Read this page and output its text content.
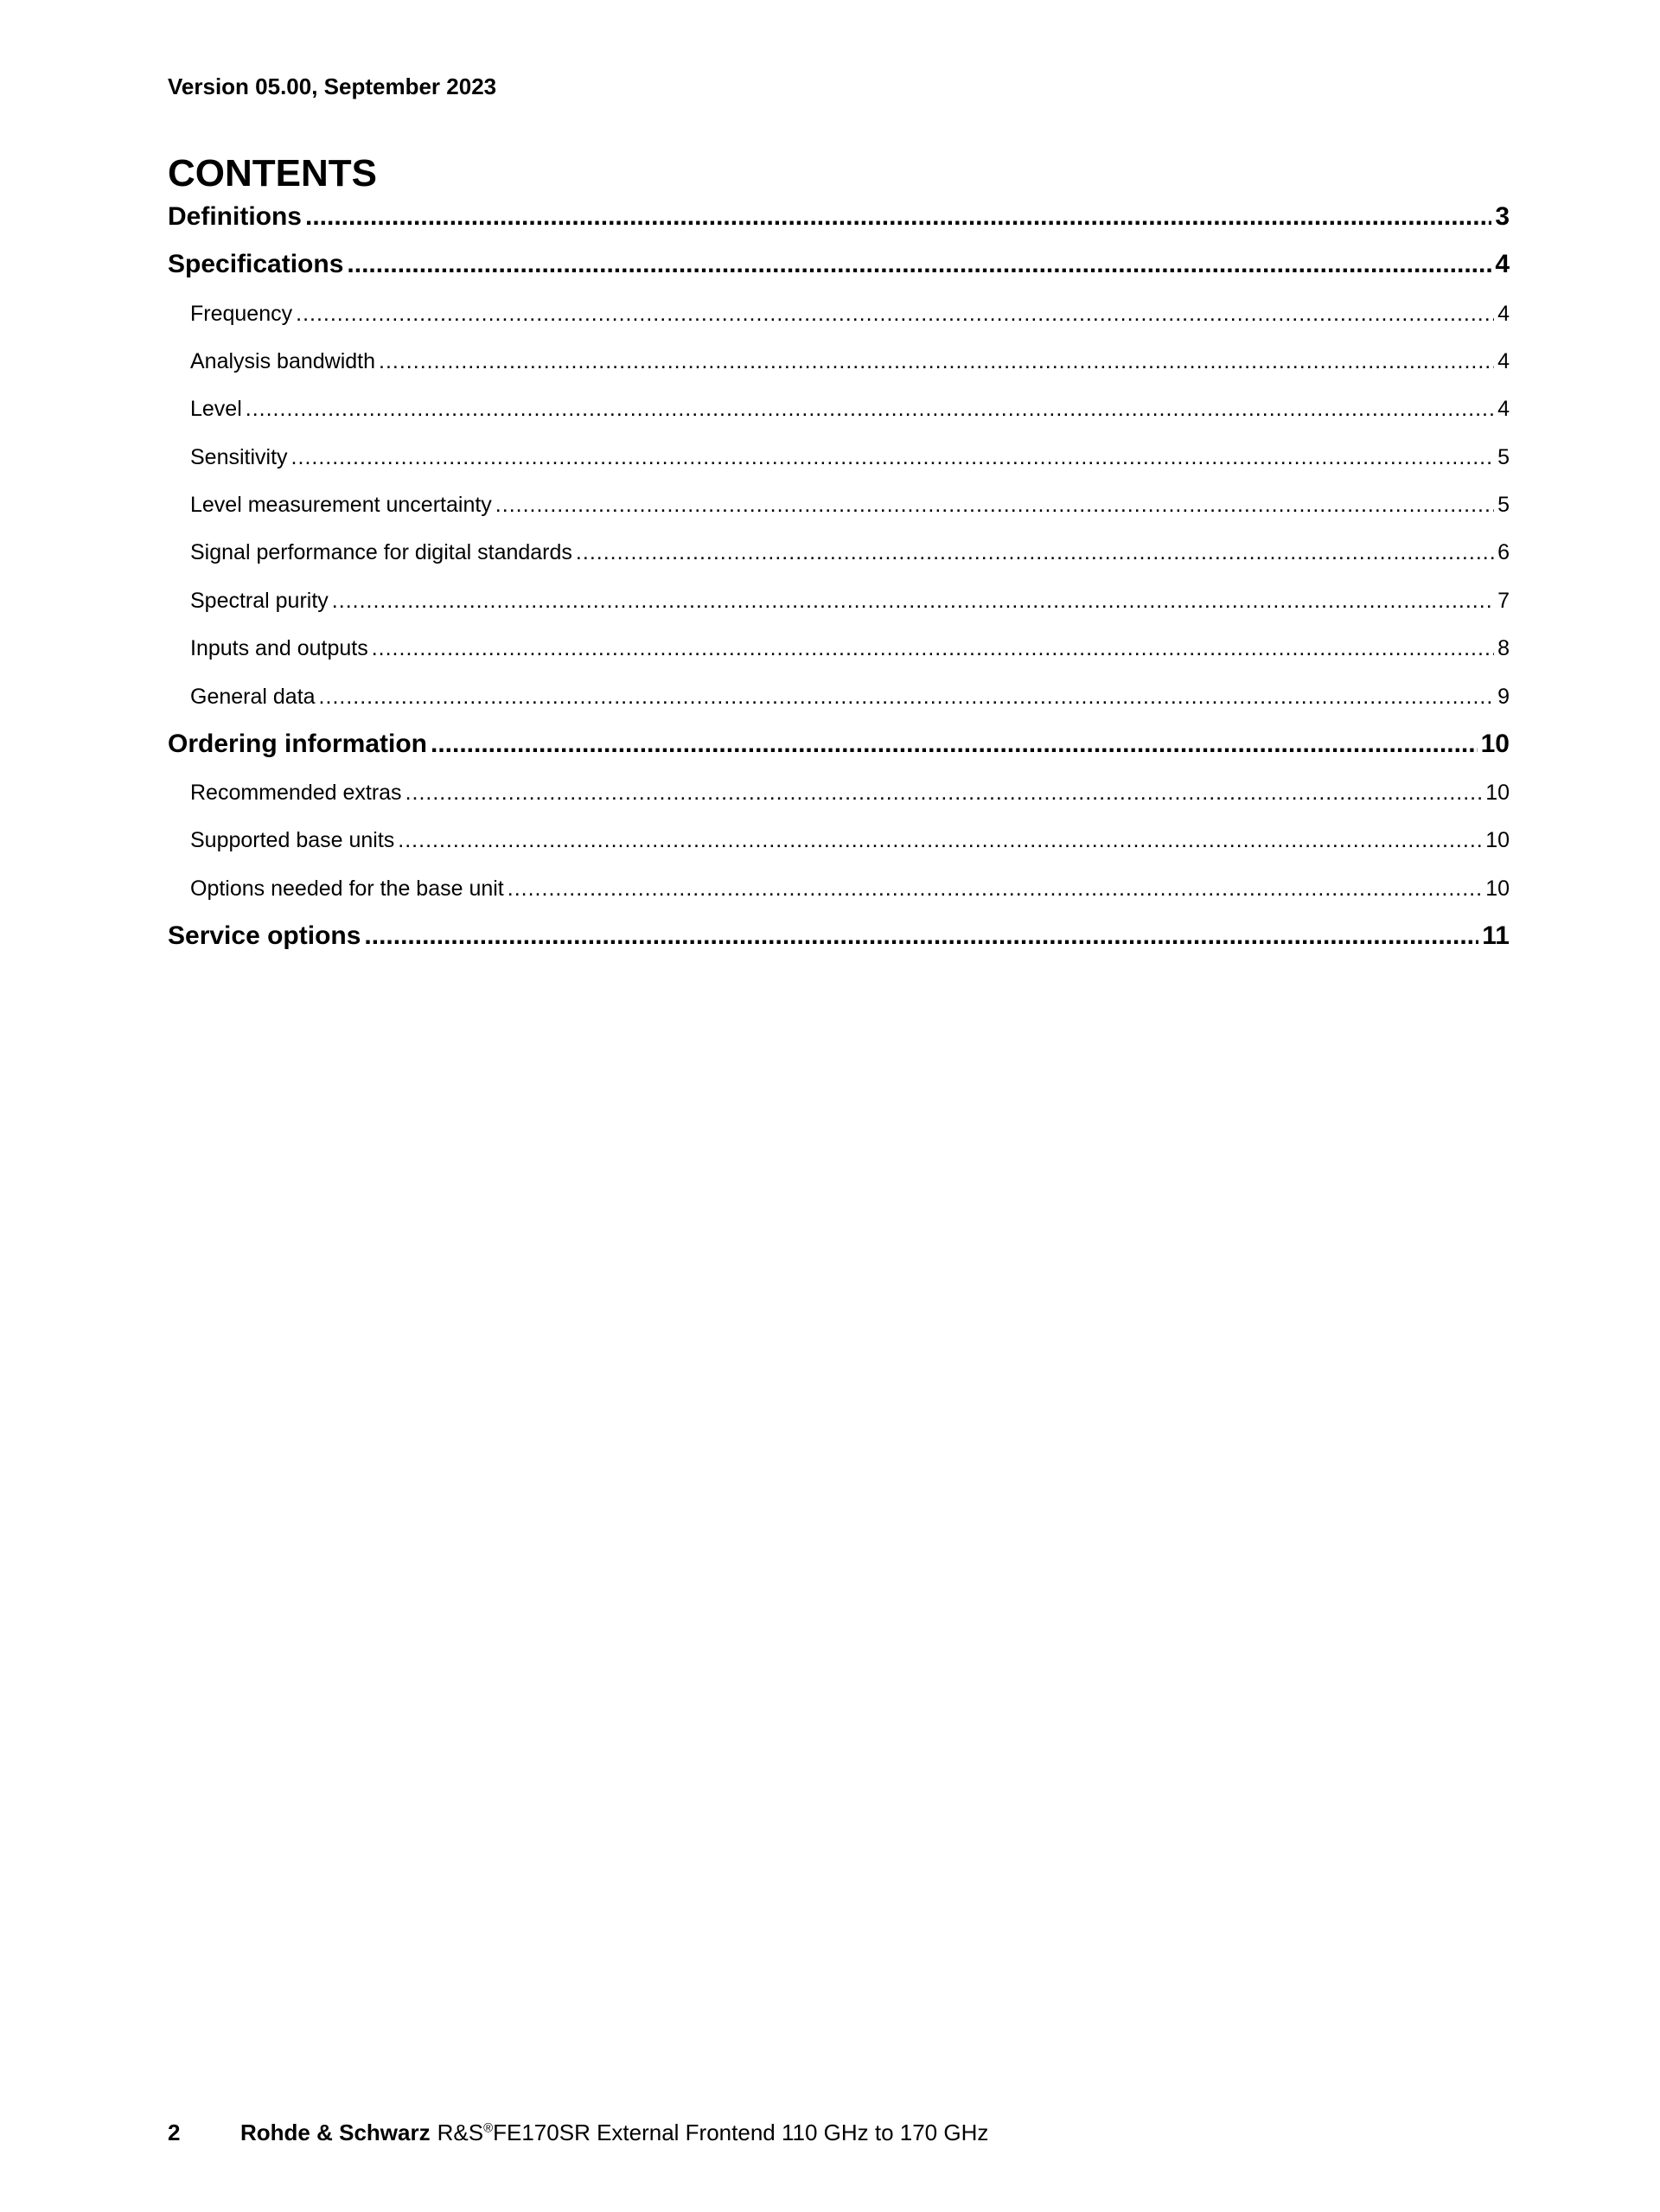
Version 05.00, September 2023
CONTENTS
Definitions .....	3
Specifications .....	4
Frequency .....	4
Analysis bandwidth .....	4
Level .....	4
Sensitivity .....	5
Level measurement uncertainty .....	5
Signal performance for digital standards .....	6
Spectral purity .....	7
Inputs and outputs .....	8
General data .....	9
Ordering information .....	10
Recommended extras .....	10
Supported base units .....	10
Options needed for the base unit .....	10
Service options .....	11
2	Rohde & Schwarz R&S®FE170SR External Frontend 110 GHz to 170 GHz
